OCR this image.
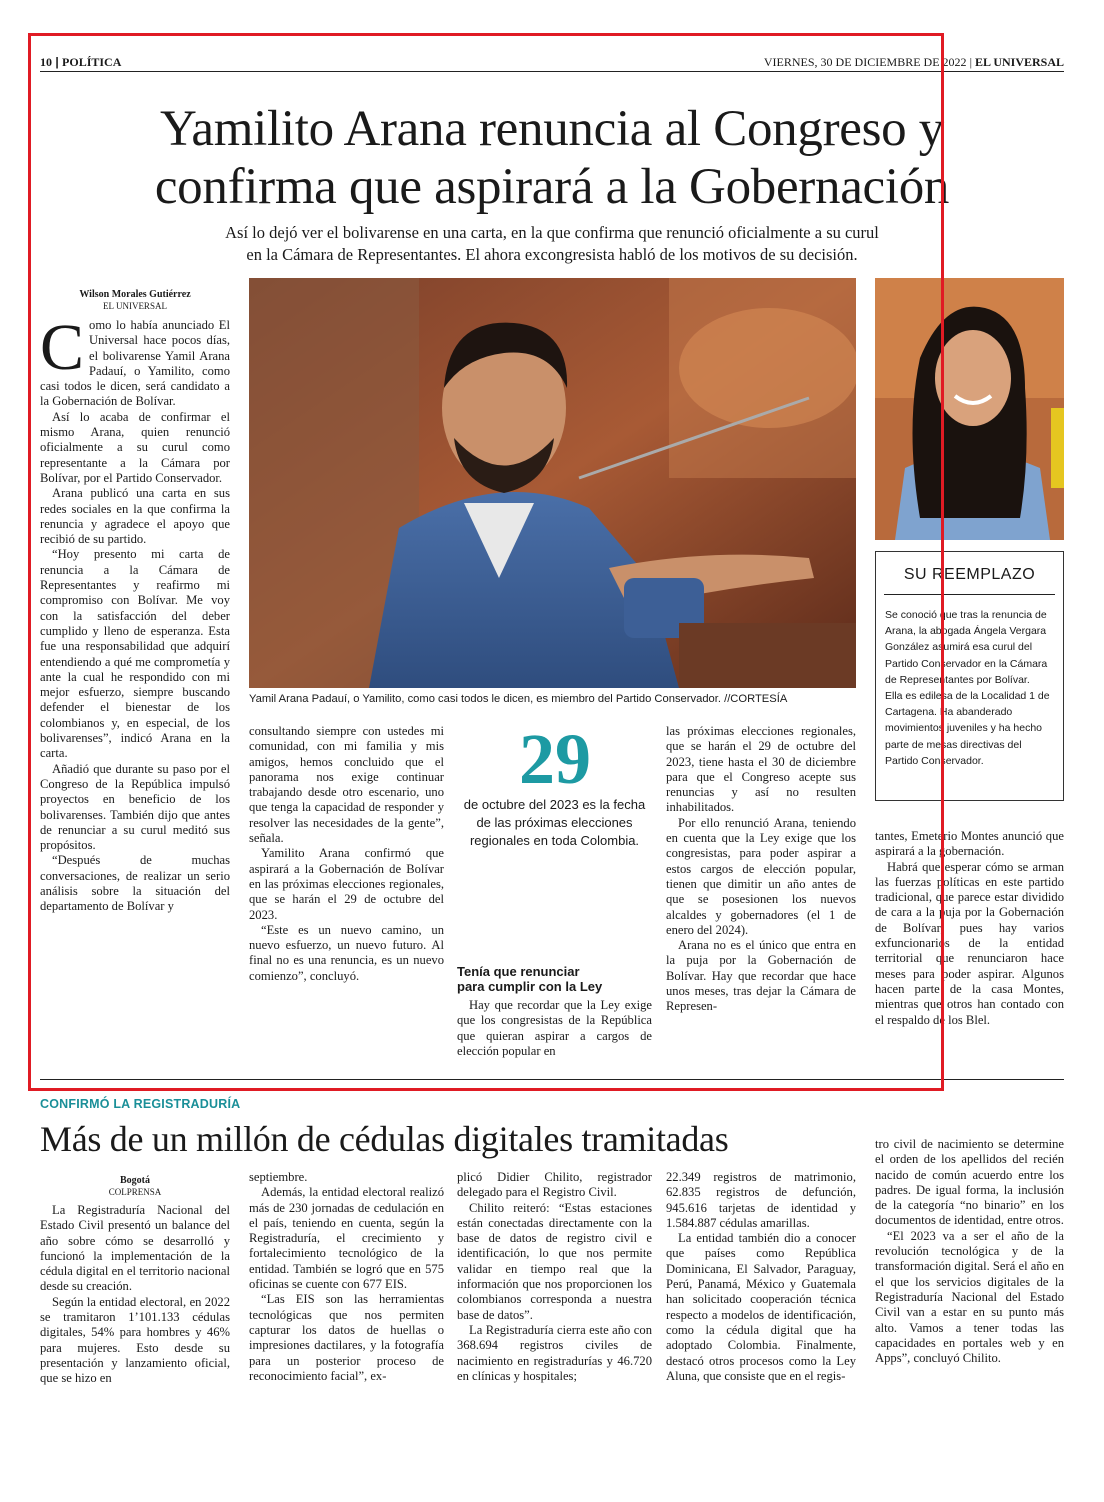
10 | POLÍTICA	VIERNES, 30 DE DICIEMBRE DE 2022 | EL UNIVERSAL
Yamilito Arana renuncia al Congreso y
confirma que aspirará a la Gobernación
Así lo dejó ver el bolivarense en una carta, en la que confirma que renunció oficialmente a su curul
en la Cámara de Representantes. El ahora excongresista habló de los motivos de su decisión.
Wilson Morales Gutiérrez
EL UNIVERSAL

Como lo había anunciado El Universal hace pocos días, el bolivarense Yamil Arana Padauí, o Yamilito, como casi todos le dicen, será candidato a la Gobernación de Bolívar.

Así lo acaba de confirmar el mismo Arana, quien renunció oficialmente a su curul como representante a la Cámara por Bolívar, por el Partido Conservador.

Arana publicó una carta en sus redes sociales en la que confirma la renuncia y agradece el apoyo que recibió de su partido.

“Hoy presento mi carta de renuncia a la Cámara de Representantes y reafirmo mi compromiso con Bolívar. Me voy con la satisfacción del deber cumplido y lleno de esperanza. Esta fue una responsabilidad que adquirí entendiendo a qué me comprometía y ante la cual he respondido con mi mejor esfuerzo, siempre buscando defender el bienestar de los colombianos y, en especial, de los bolivarenses”, indicó Arana en la carta.

Añadió que durante su paso por el Congreso de la República impulsó proyectos en beneficio de los bolivarenses. También dijo que antes de renunciar a su curul meditó sus propósitos.

“Después de muchas conversaciones, de realizar un serio análisis sobre la situación del departamento de Bolívar y

Yamil Arana Padauí, o Yamilito, como casi todos le dicen, es miembro del Partido Conservador. //CORTESÍA

consultando siempre con ustedes mi comunidad, con mi familia y mis amigos, hemos concluido que el panorama nos exige continuar trabajando desde otro escenario, uno que tenga la capacidad de responder y resolver las necesidades de la gente”, señala.

Yamilito Arana confirmó que aspirará a la Gobernación de Bolívar en las próximas elecciones regionales, que se harán el 29 de octubre del 2023.

“Este es un nuevo camino, un nuevo esfuerzo, un nuevo futuro. Al final no es una renuncia, es un nuevo comienzo”, concluyó.

29
de octubre del 2023 es la fecha
de las próximas elecciones
regionales en toda Colombia.
Tenía que renunciar
para cumplir con la Ley

Hay que recordar que la Ley exige que los congresistas de la República que quieran aspirar a cargos de elección popular en

las próximas elecciones regionales, que se harán el 29 de octubre del 2023, tiene hasta el 30 de diciembre para que el Congreso acepte sus renuncias y así no resulten inhabilitados.

Por ello renunció Arana, teniendo en cuenta que la Ley exige que los congresistas, para poder aspirar a estos cargos de elección popular, tienen que dimitir un año antes de que se posesionen los nuevos alcaldes y gobernadores (el 1 de enero del 2024).

Arana no es el único que entra en la puja por la Gobernación de Bolívar. Hay que recordar que hace unos meses, tras dejar la Cámara de Represen-

SU REEMPLAZO

Se conoció que tras la renuncia de Arana, la abogada Ángela Vergara González asumirá esa curul del Partido Conservador en la Cámara de Representantes por Bolívar.

Ella es edilesa de la Localidad 1 de Cartagena. Ha abanderado movimientos juveniles y ha hecho parte de mesas directivas del Partido Conservador.

tantes, Emeterio Montes anunció que aspirará a la gobernación.

Habrá que esperar cómo se arman las fuerzas políticas en este partido tradicional, que parece estar dividido de cara a la puja por la Gobernación de Bolívar, pues hay varios exfuncionarios de la entidad territorial que renunciaron hace meses para poder aspirar. Algunos hacen parte de la casa Montes, mientras que otros han contado con el respaldo de los Blel.

CONFIRMÓ LA REGISTRADURÍA
Más de un millón de cédulas digitales tramitadas
Bogotá
COLPRENSA

La Registraduría Nacional del Estado Civil presentó un balance del año sobre cómo se desarrolló y funcionó la implementación de la cédula digital en el territorio nacional desde su creación.

Según la entidad electoral, en 2022 se tramitaron 1’101.133 cédulas digitales, 54% para hombres y 46% para mujeres. Esto desde su presentación y lanzamiento oficial, que se hizo en

septiembre.

Además, la entidad electoral realizó más de 230 jornadas de cedulación en el país, teniendo en cuenta, según la Registraduría, el crecimiento y fortalecimiento tecnológico de la entidad. También se logró que en 575 oficinas se cuente con 677 EIS.

“Las EIS son las herramientas tecnológicas que nos permiten capturar los datos de huellas o impresiones dactilares, y la fotografía para un posterior proceso de reconocimiento facial”, ex-

plicó Didier Chilito, registrador delegado para el Registro Civil.

Chilito reiteró: “Estas estaciones están conectadas directamente con la base de datos de registro civil e identificación, lo que nos permite validar en tiempo real que la información que nos proporcionen los colombianos corresponda a nuestra base de datos”.

La Registraduría cierra este año con 368.694 registros civiles de nacimiento en registradurías y 46.720 en clínicas y hospitales;

22.349 registros de matrimonio, 62.835 registros de defunción, 945.616 tarjetas de identidad y 1.584.887 cédulas amarillas.

La entidad también dio a conocer que países como República Dominicana, El Salvador, Paraguay, Perú, Panamá, México y Guatemala han solicitado cooperación técnica respecto a modelos de identificación, como la cédula digital que ha adoptado Colombia. Finalmente, destacó otros procesos como la Ley Aluna, que consiste que en el regis-

tro civil de nacimiento se determine el orden de los apellidos del recién nacido de común acuerdo entre los padres. De igual forma, la inclusión de la categoría “no binario” en los documentos de identidad, entre otros.

“El 2023 va a ser el año de la revolución tecnológica y de la transformación digital. Será el año en el que los servicios digitales de la Registraduría Nacional del Estado Civil van a estar en su punto más alto. Vamos a tener todas las capacidades en portales web y en Apps”, concluyó Chilito.
